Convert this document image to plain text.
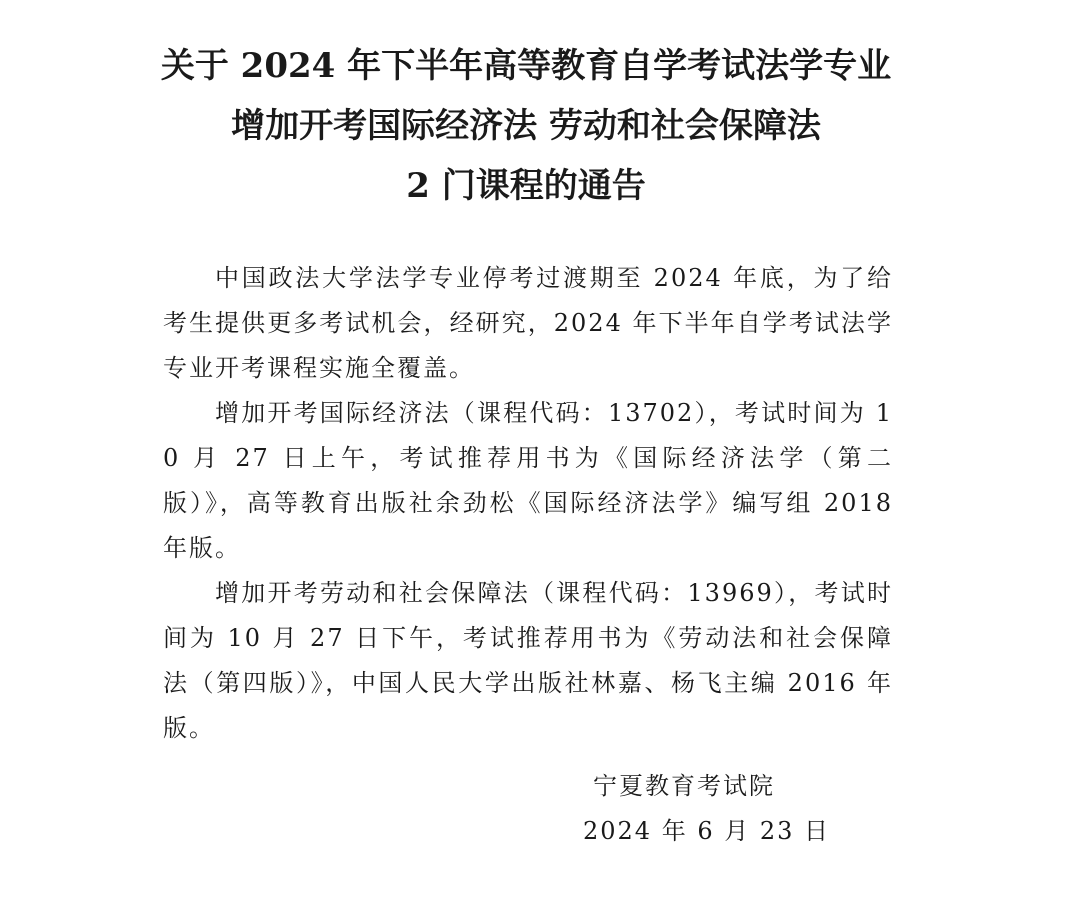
关于 2024 年下半年高等教育自学考试法学专业
增加开考国际经济法 劳动和社会保障法
2 门课程的通告

中国政法大学法学专业停考过渡期至 2024 年底，为了给考生提供更多考试机会，经研究，2024 年下半年自学考试法学专业开考课程实施全覆盖。

增加开考国际经济法（课程代码：13702），考试时间为 10 月 27 日上午，考试推荐用书为《国际经济法学（第二版）》，高等教育出版社余劲松《国际经济法学》编写组 2018 年版。

增加开考劳动和社会保障法（课程代码：13969），考试时间为 10 月 27 日下午，考试推荐用书为《劳动法和社会保障法（第四版）》，中国人民大学出版社林嘉、杨飞主编 2016 年版。

宁夏教育考试院
2024 年 6 月 23 日
